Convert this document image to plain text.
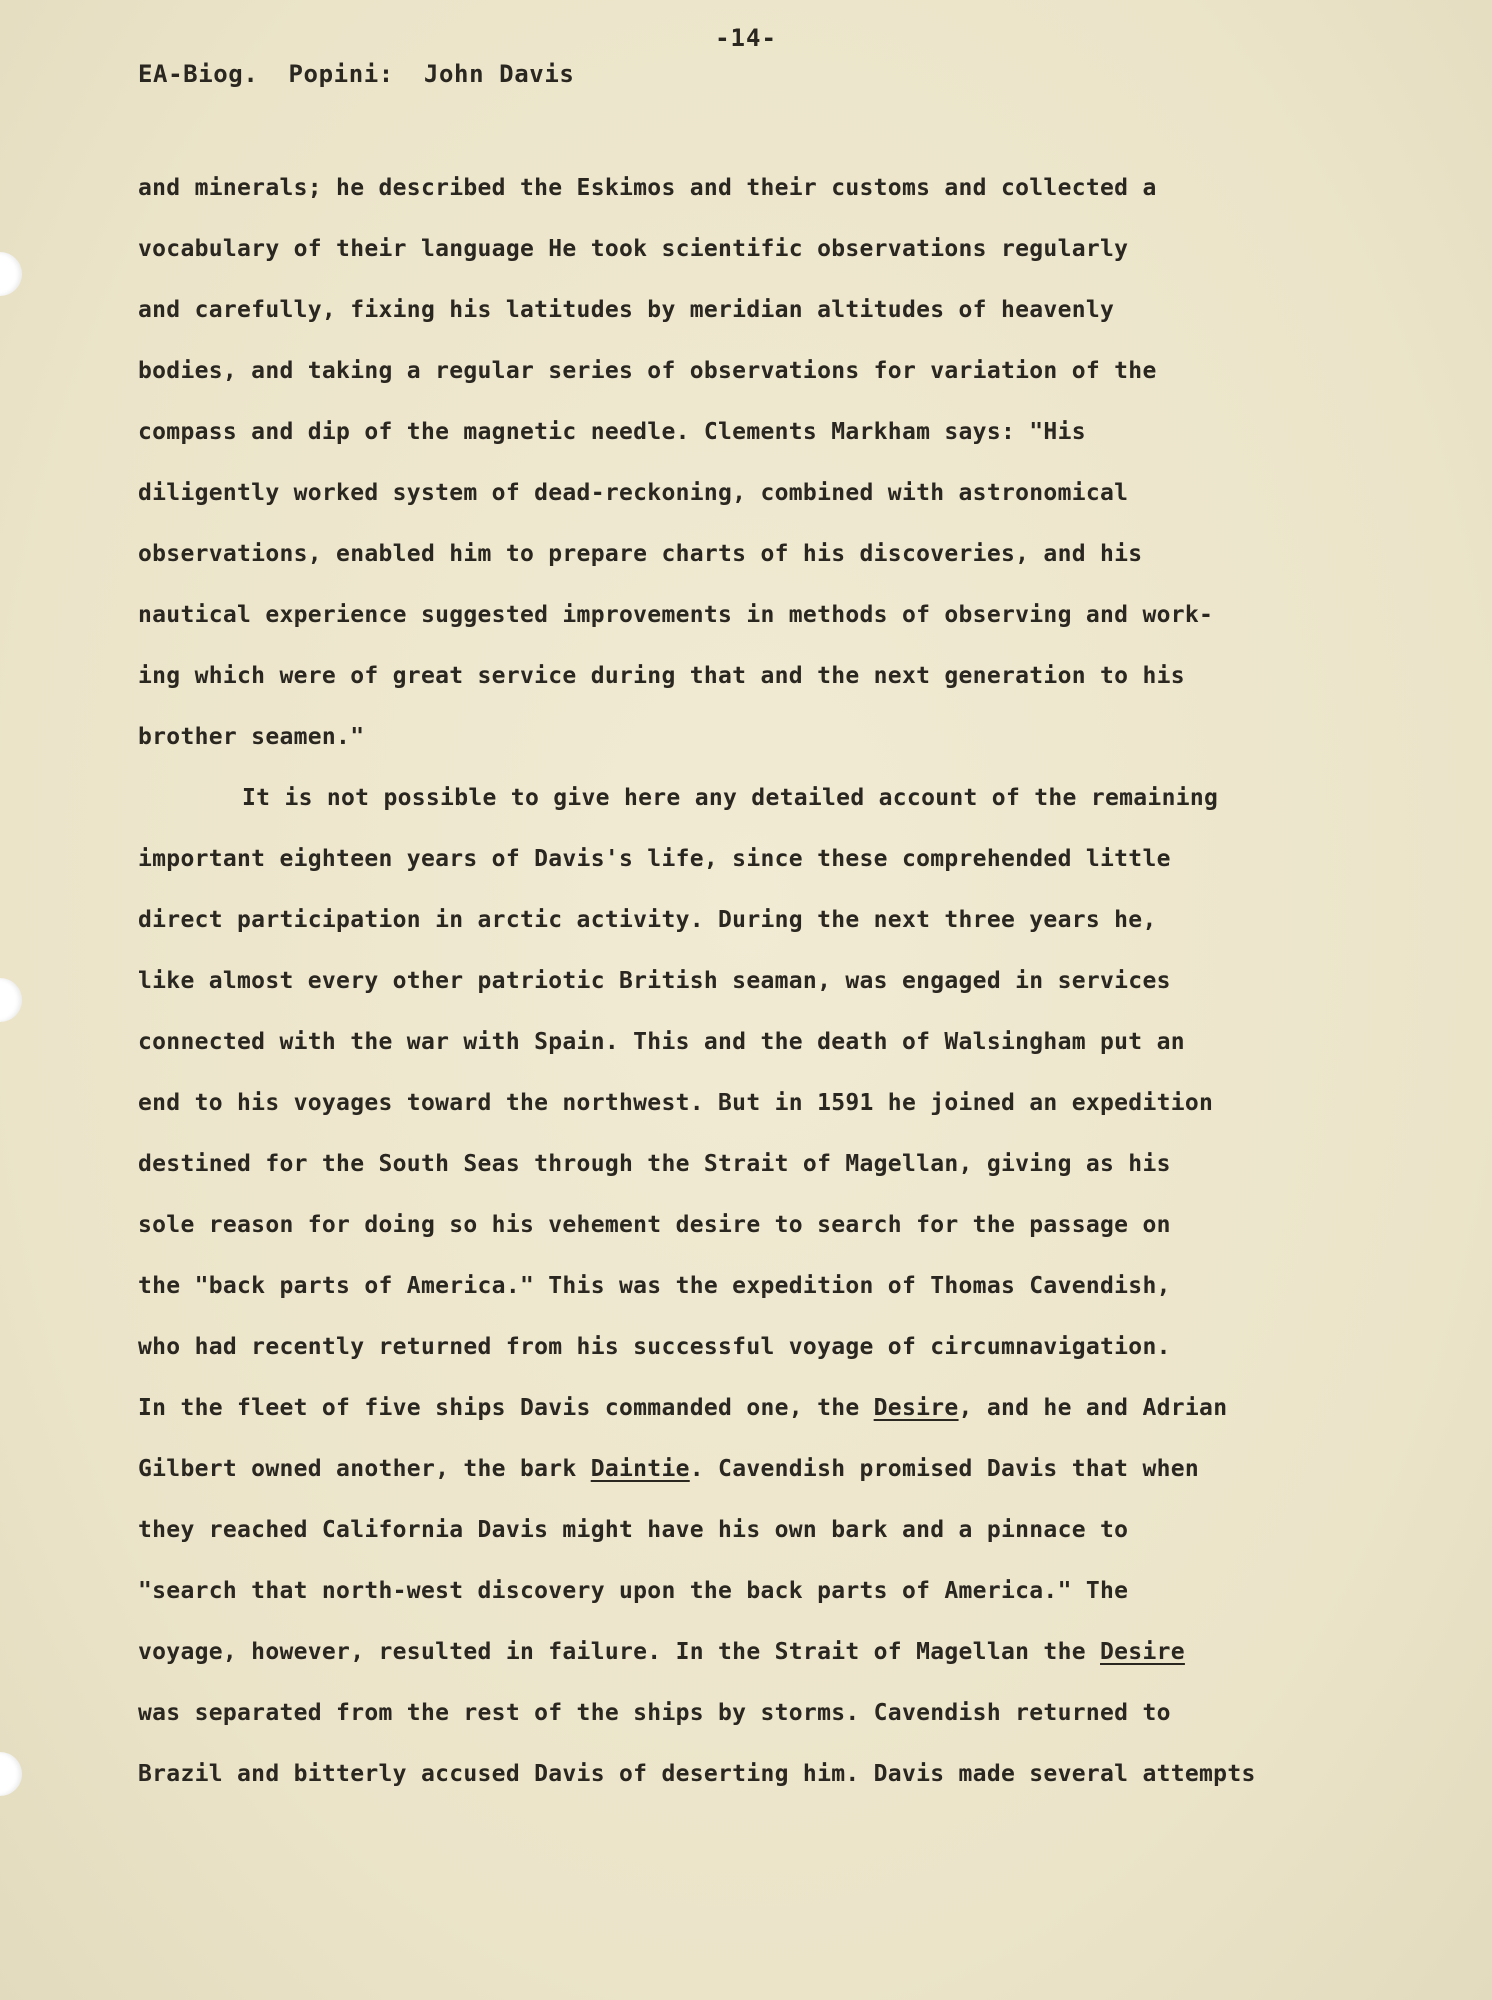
-14-
EA-Biog.  Popini:  John Davis
and minerals; he described the Eskimos and their customs and collected a
vocabulary of their language He took scientific observations regularly
and carefully, fixing his latitudes by meridian altitudes of heavenly
bodies, and taking a regular series of observations for variation of the
compass and dip of the magnetic needle. Clements Markham says: "His
diligently worked system of dead-reckoning, combined with astronomical
observations, enabled him to prepare charts of his discoveries, and his
nautical experience suggested improvements in methods of observing and work-
ing which were of great service during that and the next generation to his
brother seamen."
It is not possible to give here any detailed account of the remaining
important eighteen years of Davis's life, since these comprehended little
direct participation in arctic activity. During the next three years he,
like almost every other patriotic British seaman, was engaged in services
connected with the war with Spain. This and the death of Walsingham put an
end to his voyages toward the northwest. But in 1591 he joined an expedition
destined for the South Seas through the Strait of Magellan, giving as his
sole reason for doing so his vehement desire to search for the passage on
the "back parts of America." This was the expedition of Thomas Cavendish,
who had recently returned from his successful voyage of circumnavigation.
In the fleet of five ships Davis commanded one, the Desire, and he and Adrian
Gilbert owned another, the bark Daintie. Cavendish promised Davis that when
they reached California Davis might have his own bark and a pinnace to
"search that north-west discovery upon the back parts of America." The
voyage, however, resulted in failure. In the Strait of Magellan the Desire
was separated from the rest of the ships by storms. Cavendish returned to
Brazil and bitterly accused Davis of deserting him. Davis made several attempts
